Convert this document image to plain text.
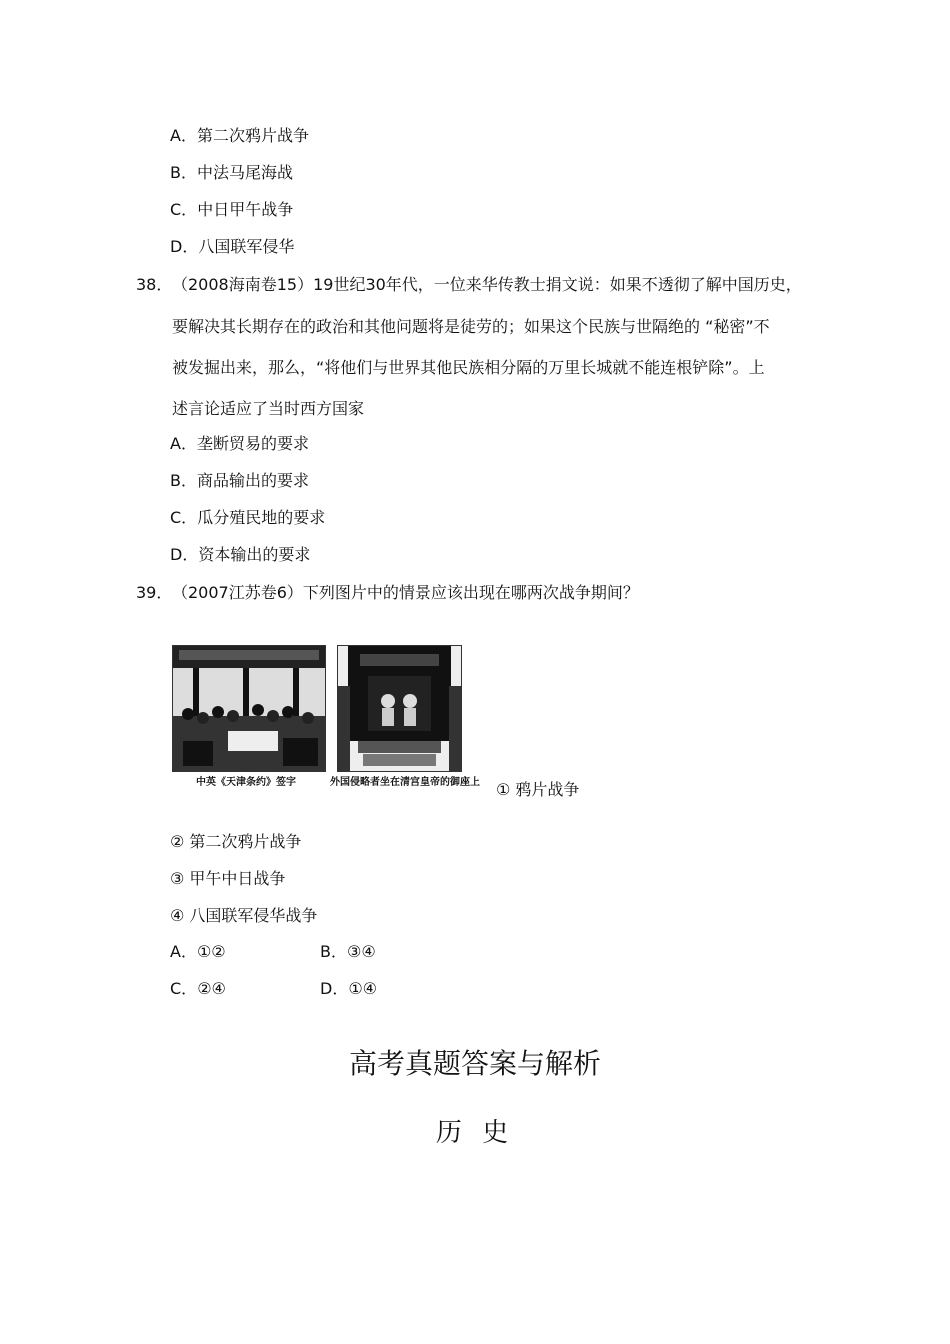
A．第二次鸦片战争
B．中法马尾海战
C．中日甲午战争
D．八国联军侵华
38． （2008海南卷15）19世纪30年代，一位来华传教士捐文说：如果不透彻了解中国历史，
要解决其长期存在的政治和其他问题将是徒劳的；如果这个民族与世隔绝的 “秘密”不
被发掘出来，那么，“将他们与世界其他民族相分隔的万里长城就不能连根铲除”。上
述言论适应了当时西方国家
A．垄断贸易的要求
B．商品输出的要求
C．瓜分殖民地的要求
D．资本输出的要求
39． （2007江苏卷6）下列图片中的情景应该出现在哪两次战争期间？
中英《天津条约》签字	外国侵略者坐在清宫皇帝的御座上 ① 鸦片战争
② 第二次鸦片战争
③ 甲午中日战争
④ 八国联军侵华战争
A．①②	B．③④
C．②④	D．①④
高考真题答案与解析
历 史
